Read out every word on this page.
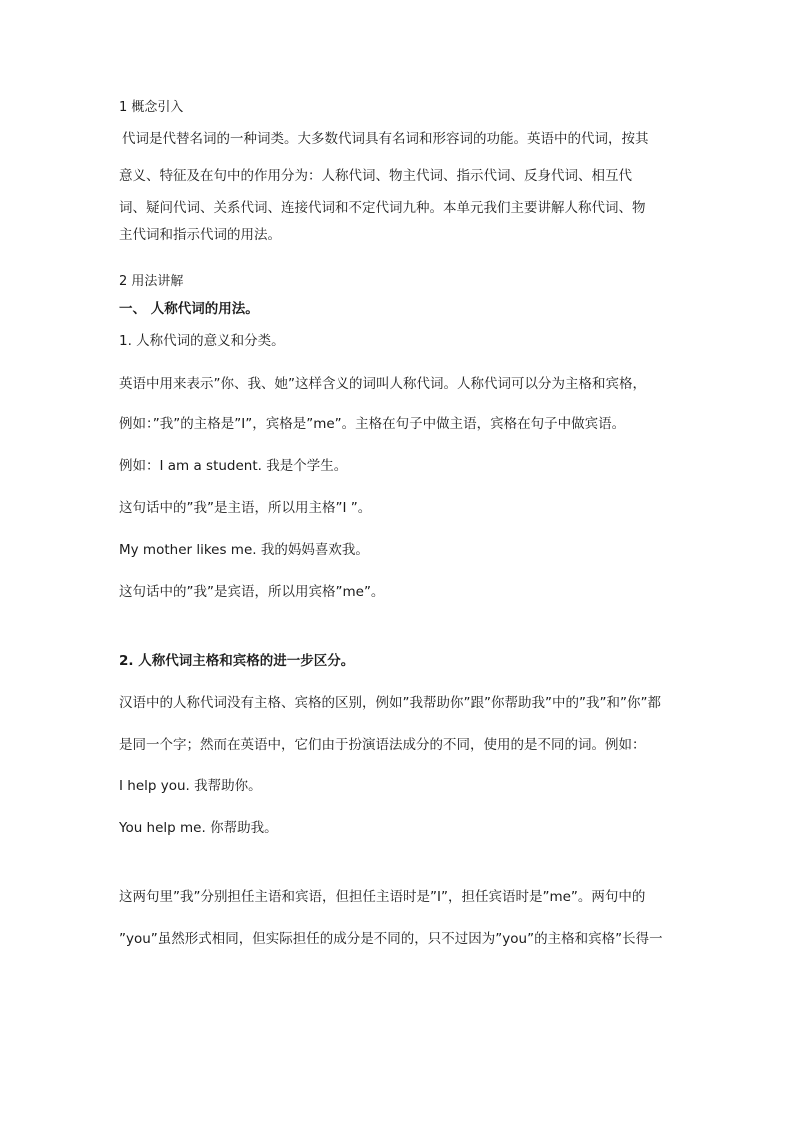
1 概念引入
代词是代替名词的一种词类。大多数代词具有名词和形容词的功能。英语中的代词，按其
意义、特征及在句中的作用分为：人称代词、物主代词、指示代词、反身代词、相互代
词、疑问代词、关系代词、连接代词和不定代词九种。本单元我们主要讲解人称代词、物
主代词和指示代词的用法。
2 用法讲解
一、 人称代词的用法。
1. 人称代词的意义和分类。
英语中用来表示”你、我、她”这样含义的词叫人称代词。人称代词可以分为主格和宾格，
例如：”我”的主格是”I”，宾格是”me”。主格在句子中做主语，宾格在句子中做宾语。
例如：I am a student. 我是个学生。
这句话中的”我”是主语，所以用主格”I ”。
My mother likes me. 我的妈妈喜欢我。
这句话中的”我”是宾语，所以用宾格”me”。
2. 人称代词主格和宾格的进一步区分。
汉语中的人称代词没有主格、宾格的区别，例如”我帮助你”跟”你帮助我”中的”我”和”你”都
是同一个字；然而在英语中，它们由于扮演语法成分的不同，使用的是不同的词。例如：
I help you. 我帮助你。
You help me. 你帮助我。
这两句里”我”分别担任主语和宾语，但担任主语时是”I”，担任宾语时是”me”。两句中的
”you”虽然形式相同，但实际担任的成分是不同的，只不过因为”you”的主格和宾格”长得一
